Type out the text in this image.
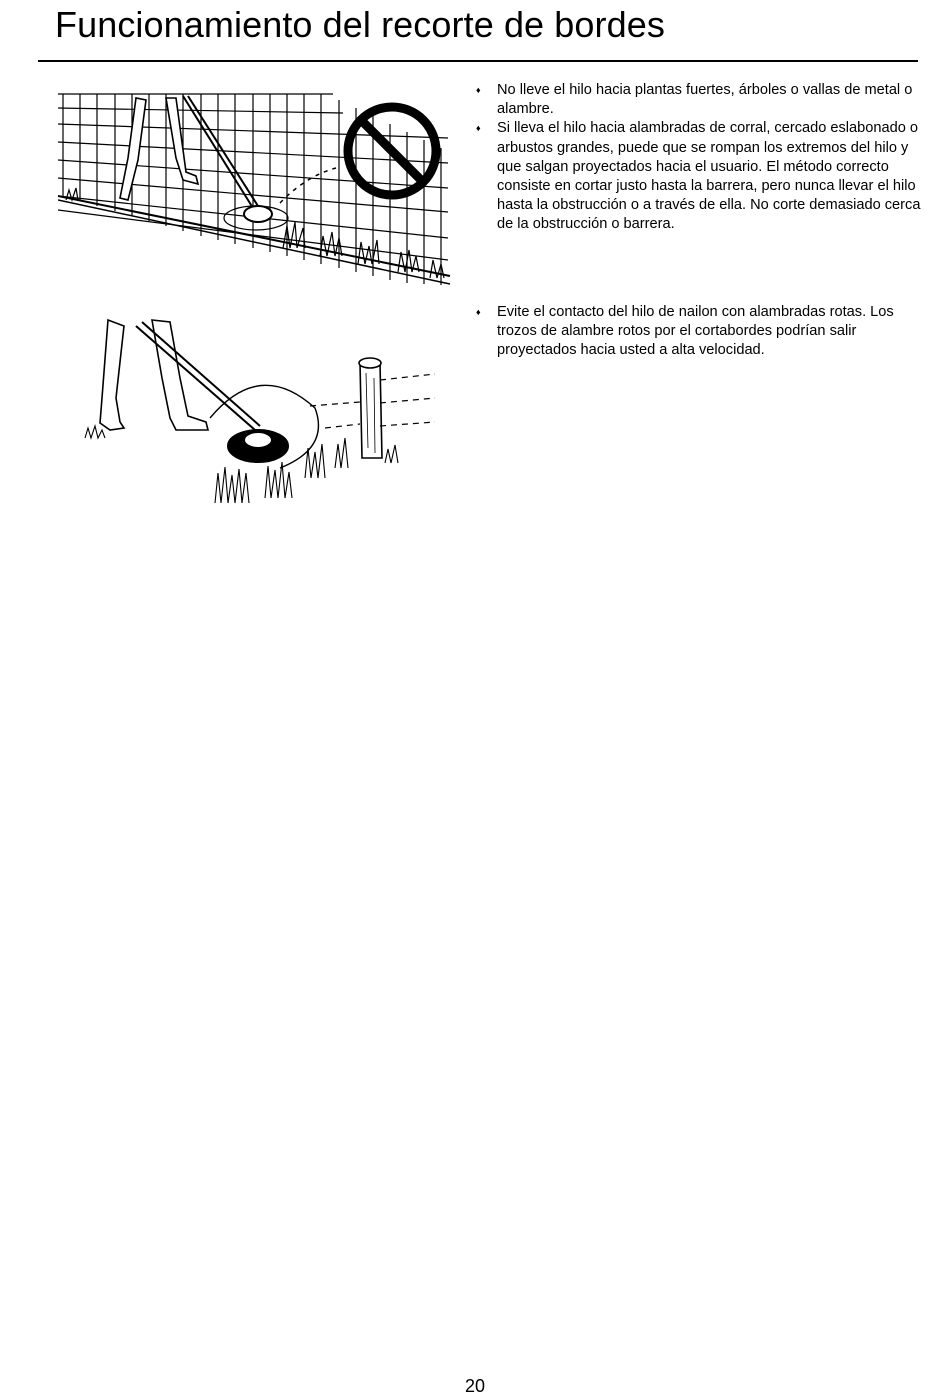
Funcionamiento del recorte de bordes
♦ No lleve el hilo hacia plantas fuertes, árboles o vallas de metal o alambre.
♦ Si lleva el hilo hacia alambradas de corral, cercado eslabonado o arbustos grandes, puede que se rompan los extremos del hilo y que salgan proyectados hacia el usuario. El método correcto consiste en cortar justo hasta la barrera, pero nunca llevar el hilo hasta la obstrucción o a través de ella. No corte demasiado cerca de la obstrucción o barrera.
♦ Evite el contacto del hilo de nailon con alambradas rotas. Los trozos de alambre rotos por el cortabordes podrían salir proyectados hacia usted a alta velocidad.
20
